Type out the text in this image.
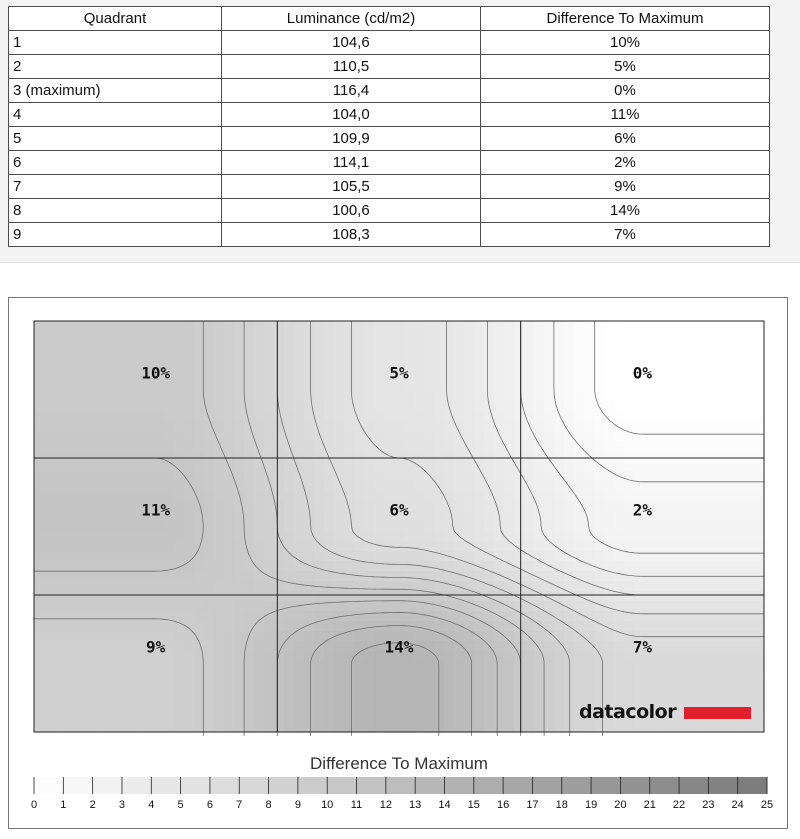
Quadrant	Luminance (cd/m2)	Difference To Maximum
1	104,6	10%
2	110,5	5%
3 (maximum)	116,4	0%
4	104,0	11%
5	109,9	6%
6	114,1	2%
7	105,5	9%
8	100,6	14%
9	108,3	7%
10%	5%	0%
11%	6%	2%
9%	14%	7%
datacolor
Difference To Maximum
0 1 2 3 4 5 6 7 8 9 10 11 12 13 14 15 16 17 18 19 20 21 22 23 24 25
